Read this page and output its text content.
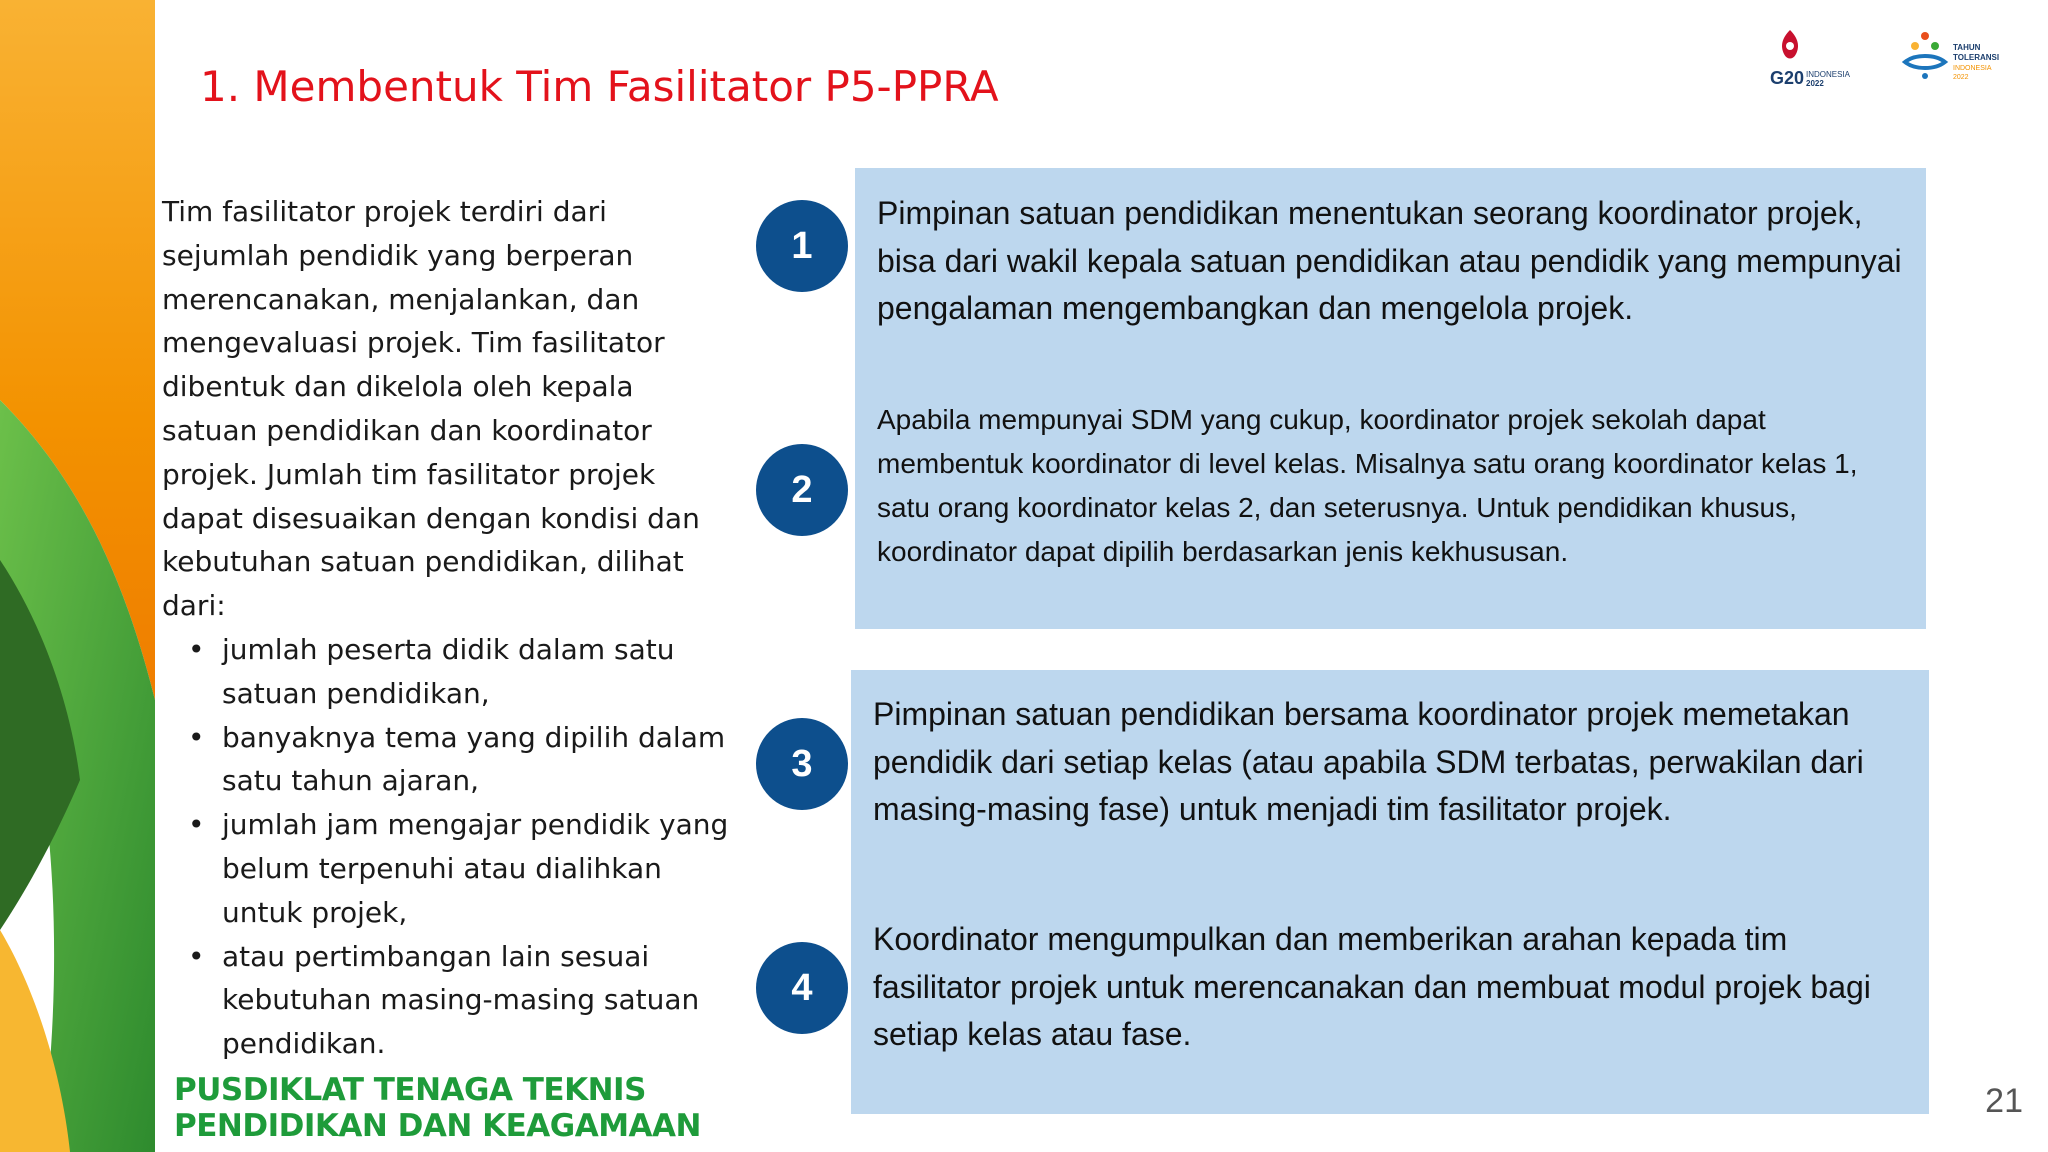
1. Membentuk Tim Fasilitator P5-PPRA	G20 INDONESIA
2022
TAHUN
TOLERANSI
INDONESIA
2022

Tim fasilitator projek terdiri dari sejumlah pendidik yang berperan merencanakan, menjalankan, dan mengevaluasi projek. Tim fasilitator dibentuk dan dikelola oleh kepala satuan pendidikan dan koordinator projek. Jumlah tim fasilitator projek dapat disesuaikan dengan kondisi dan kebutuhan satuan pendidikan, dilihat dari:

• jumlah peserta didik dalam satu satuan pendidikan,
• banyaknya tema yang dipilih dalam satu tahun ajaran,
• jumlah jam mengajar pendidik yang belum terpenuhi atau dialihkan untuk projek,
• atau pertimbangan lain sesuai kebutuhan masing-masing satuan pendidikan.
1
2
3
4
Pimpinan satuan pendidikan menentukan seorang koordinator projek, bisa dari wakil kepala satuan pendidikan atau pendidik yang mempunyai pengalaman mengembangkan dan mengelola projek.
Apabila mempunyai SDM yang cukup, koordinator projek sekolah dapat membentuk koordinator di level kelas. Misalnya satu orang koordinator kelas 1, satu orang koordinator kelas 2, dan seterusnya. Untuk pendidikan khusus, koordinator dapat dipilih berdasarkan jenis kekhususan.
Pimpinan satuan pendidikan bersama koordinator projek memetakan pendidik dari setiap kelas (atau apabila SDM terbatas, perwakilan dari masing-masing fase) untuk menjadi tim fasilitator projek.
Koordinator mengumpulkan dan memberikan arahan kepada tim fasilitator projek untuk merencanakan dan membuat modul projek bagi setiap kelas atau fase.
PUSDIKLAT TENAGA TEKNIS
PENDIDIKAN DAN KEAGAMAAN
21
